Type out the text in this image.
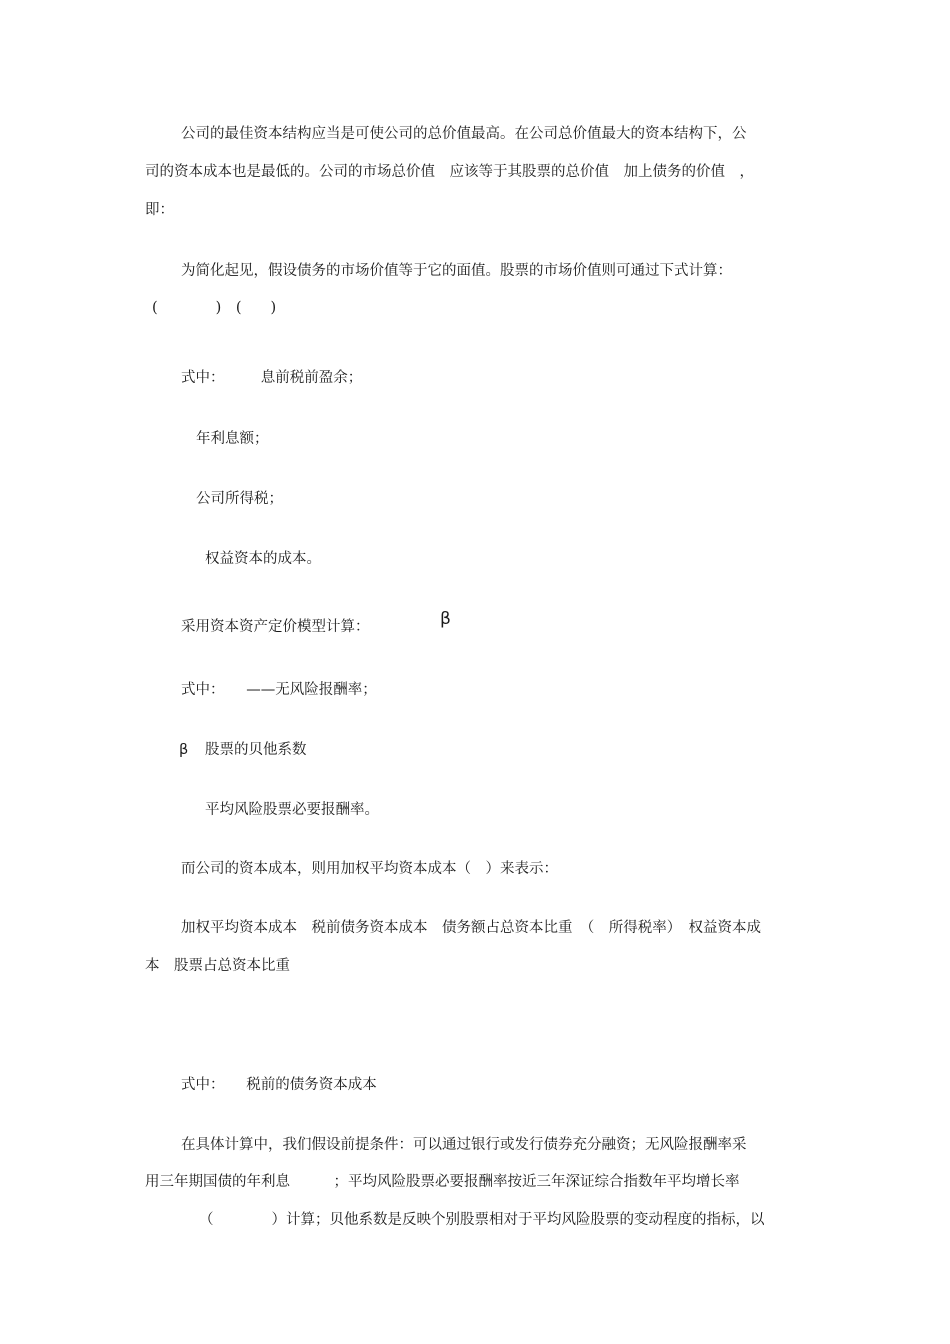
公司的最佳资本结构应当是可使公司的总价值最高。在公司总价值最大的资本结构下，公
司的资本成本也是最低的。公司的市场总价值　应该等于其股票的总价值　加上债务的价值　，
即：
为简化起见，假设债务的市场价值等于它的面值。股票的市场价值则可通过下式计算：
(　　　　)　(　　)
式中：　　　息前税前盈余；
年利息额；
公司所得税；
权益资本的成本。
采用资本资产定价模型计算：	β
式中：　　——无风险报酬率；
β 股票的贝他系数
平均风险股票必要报酬率。
而公司的资本成本，则用加权平均资本成本（　）来表示：
加权平均资本成本　税前债务资本成本　债务额占总资本比重　（　所得税率）　权益资本成
本　股票占总资本比重
式中：　　税前的债务资本成本
在具体计算中，我们假设前提条件：可以通过银行或发行债券充分融资；无风险报酬率采
用三年期国债的年利息　　　；平均风险股票必要报酬率按近三年深证综合指数年平均增长率
（　　　　）计算；贝他系数是反映个别股票相对于平均风险股票的变动程度的指标，以
